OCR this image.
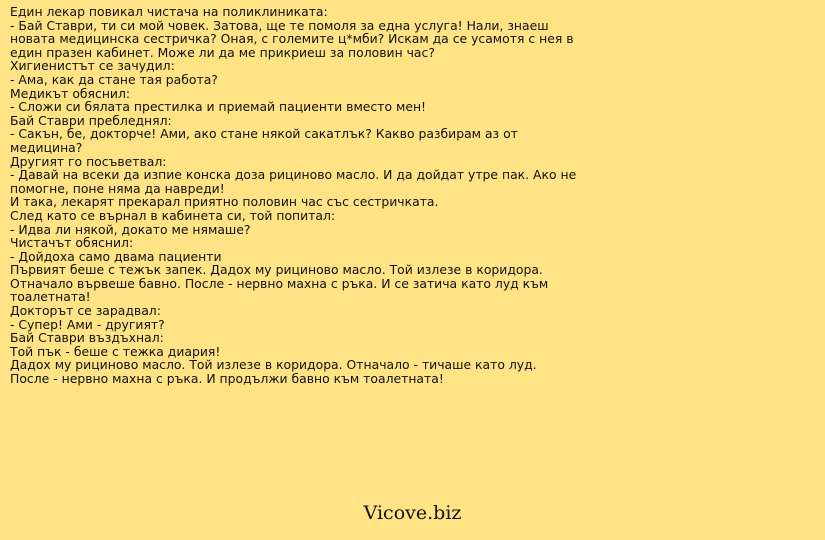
Един лекар повикал чистача на поликлиниката:
- Бай Ставри, ти си мой човек. Затова, ще те помоля за една услуга! Нали, знаеш новата медицинска сестричка? Оная, с големите ц*мби? Искам да се усамотя с нея в един празен кабинет. Може ли да ме прикриеш за половин час?
Хигиенистът се зачудил:
- Ама, как да стане тая работа?
Медикът обяснил:
- Сложи си бялата престилка и приемай пациенти вместо мен!
Бай Ставри пребледнял:
- Сакън, бе, докторче! Ами, ако стане някой сакатлък? Какво разбирам аз от медицина?
Другият го посъветвал:
- Давай на всеки да изпие конска доза рициново масло. И да дойдат утре пак. Ако не помогне, поне няма да навреди!
И така, лекарят прекарал приятно половин час със сестричката.
След като се върнал в кабинета си, той попитал:
- Идва ли някой, докато ме нямаше?
Чистачът обяснил:
- Дойдоха само двама пациенти
Първият беше с тежък запек. Дадох му рициново масло. Той излезе в коридора. Отначало вървеше бавно. После - нервно махна с ръка. И се затича като луд към тоалетната!
Докторът се зарадвал:
- Супер! Ами - другият?
Бай Ставри въздъхнал:
Той пък - беше с тежка диария!
Дадох му рициново масло. Той излезе в коридора. Отначало - тичаше като луд.
После - нервно махна с ръка. И продължи бавно към тоалетната!
Vicove.biz
